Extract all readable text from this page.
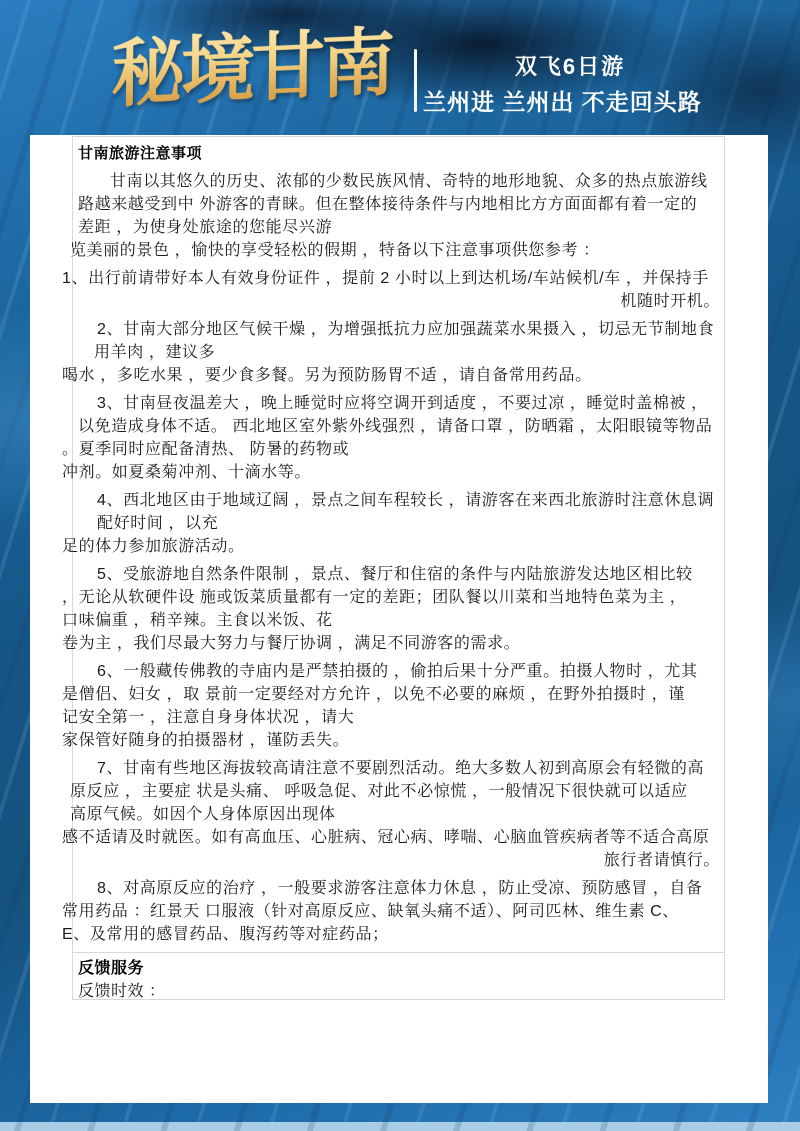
秘境甘南	双飞6日游
兰州进 兰州出 不走回头路
甘南旅游注意事项
甘南以其悠久的历史、浓郁的少数民族风情、奇特的地形地貌、众多的热点旅游线
路越来越受到中 外游客的青睐。但在整体接待条件与内地相比方方面面都有着一定的
差距 ，为使身处旅途的您能尽兴游
览美丽的景色 ，愉快的享受轻松的假期 ，特备以下注意事项供您参考 ：
1、出行前请带好本人有效身份证件 ，提前 2 小时以上到达机场/车站候机/车 ，并保持手
机随时开机。
2、甘南大部分地区气候干燥 ，为增强抵抗力应加强蔬菜水果摄入 ，切忌无节制地食
用羊肉 ，建议多
喝水 ，多吃水果 ，要少食多餐。另为预防肠胃不适 ，请自备常用药品。
3、甘南昼夜温差大 ，晚上睡觉时应将空调开到适度 ，不要过凉 ，睡觉时盖棉被 ，
以免造成身体不适。 西北地区室外紫外线强烈 ，请备口罩 ，防晒霜 ，太阳眼镜等物品
。夏季同时应配备清热、 防暑的药物或
冲剂。如夏桑菊冲剂、十滴水等。
4、西北地区由于地域辽阔 ，景点之间车程较长 ，请游客在来西北旅游时注意休息调
配好时间 ，以充
足的体力参加旅游活动。
5、受旅游地自然条件限制 ，景点、餐厅和住宿的条件与内陆旅游发达地区相比较
，无论从软硬件设 施或饭菜质量都有一定的差距；团队餐以川菜和当地特色菜为主 ，
口味偏重 ，稍辛辣。主食以米饭、花
卷为主 ，我们尽最大努力与餐厅协调 ，满足不同游客的需求。
6、一般藏传佛教的寺庙内是严禁拍摄的 ，偷拍后果十分严重。拍摄人物时 ，尤其
是僧侣、妇女 ，取 景前一定要经对方允许 ，以免不必要的麻烦 ，在野外拍摄时 ，谨
记安全第一 ，注意自身身体状况 ，请大
家保管好随身的拍摄器材 ，谨防丢失。
7、甘南有些地区海拔较高请注意不要剧烈活动。绝大多数人初到高原会有轻微的高
原反应 ，主要症 状是头痛、 呼吸急促、对此不必惊慌 ，一般情况下很快就可以适应
高原气候。如因个人身体原因出现体
感不适请及时就医。如有高血压、心脏病、冠心病、哮喘、心脑血管疾病者等不适合高原
旅行者请慎行。
8、对高原反应的治疗 ，一般要求游客注意体力休息 ，防止受凉、预防感冒 ，自备
常用药品 ：红景天 口服液（针对高原反应、缺氧头痛不适）、阿司匹林、维生素 C、
E、及常用的感冒药品、腹泻药等对症药品；
反馈服务
反馈时效 ：
